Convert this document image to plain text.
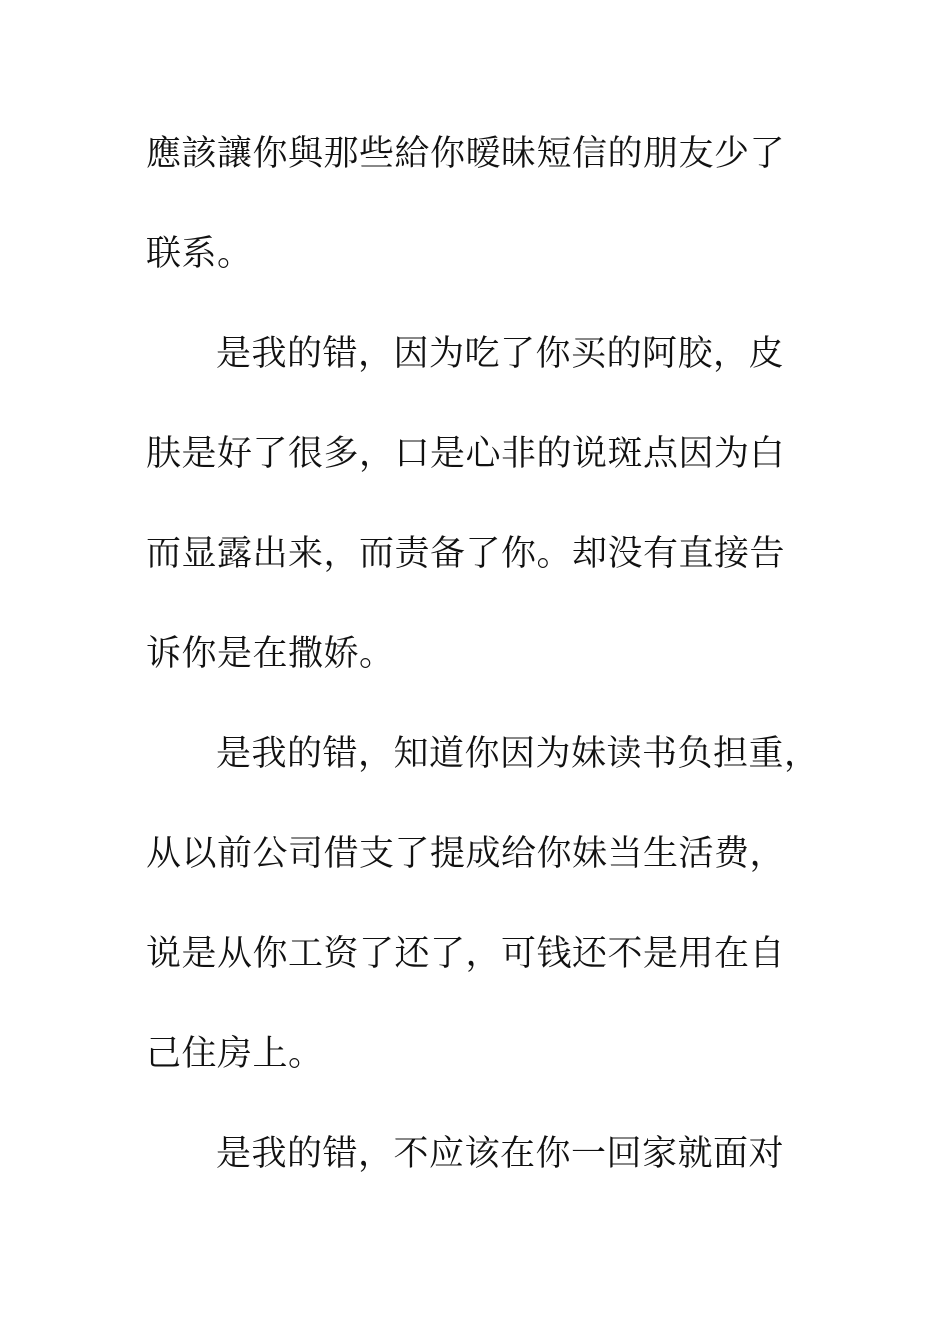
應該讓你與那些給你暧昧短信的朋友少了

联系。

是我的错，因为吃了你买的阿胶，皮

肤是好了很多，口是心非的说斑点因为白

而显露出来，而责备了你。却没有直接告

诉你是在撒娇。

是我的错，知道你因为妹读书负担重，

从以前公司借支了提成给你妹当生活费，

说是从你工资了还了，可钱还不是用在自

己住房上。

是我的错，不应该在你一回家就面对
